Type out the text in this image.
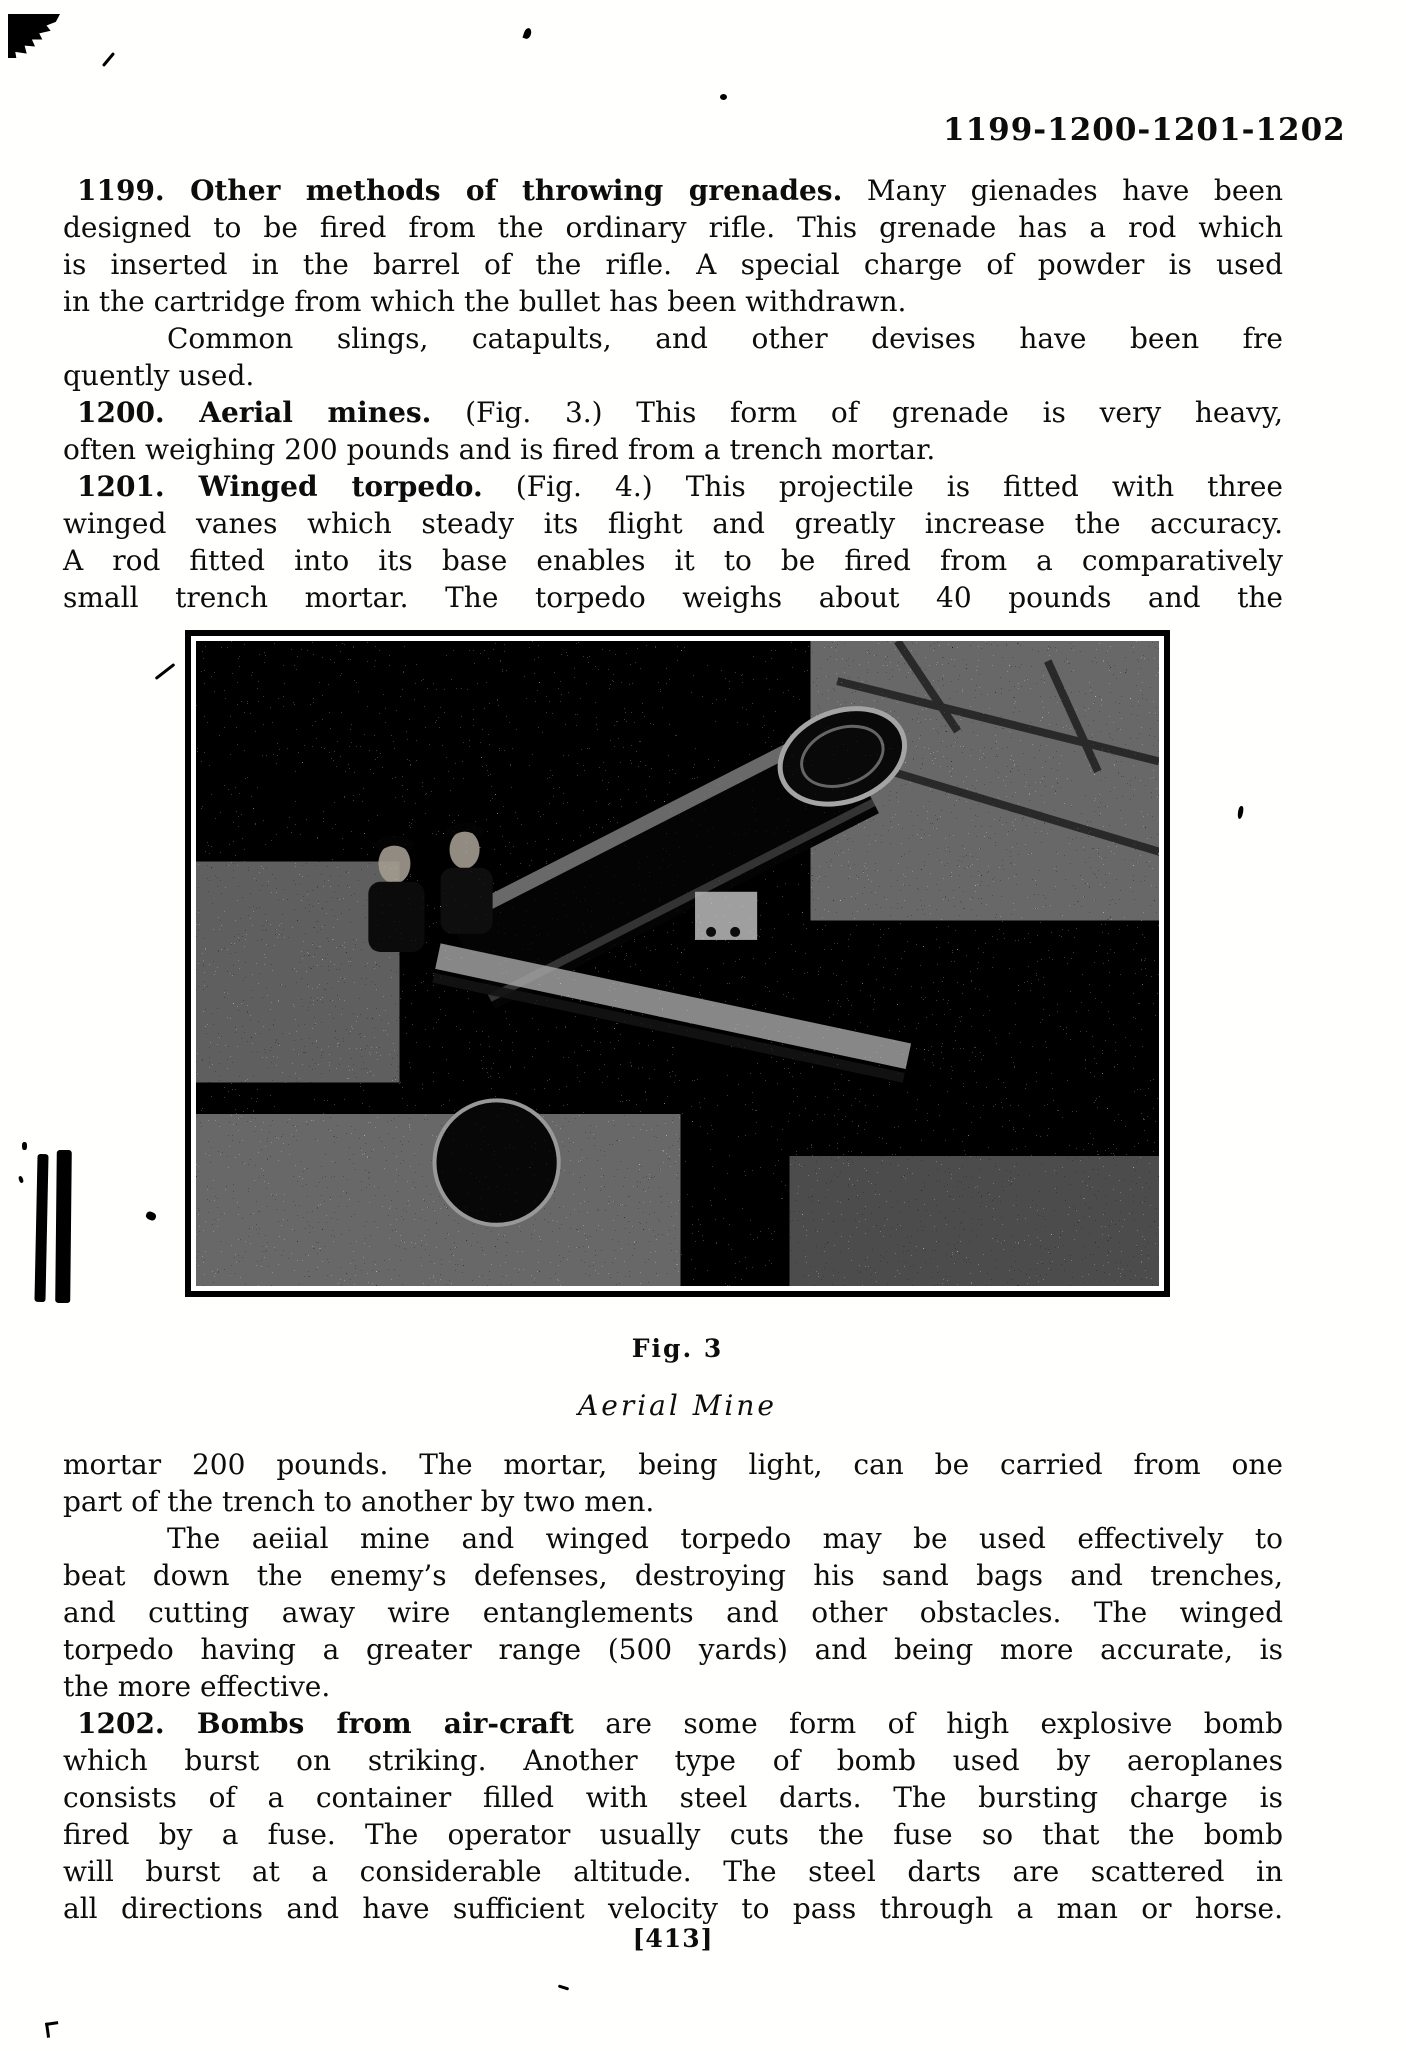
1199-1200-1201-1202
1199. Other methods of throwing grenades. Many gienades have been
designed to be fired from the ordinary rifle. This grenade has a rod which
is inserted in the barrel of the rifle. A special charge of powder is used
in the cartridge from which the bullet has been withdrawn.
Common slings, catapults, and other devises have been fre
quently used.
1200. Aerial mines. (Fig. 3.) This form of grenade is very heavy,
often weighing 200 pounds and is fired from a trench mortar.
1201. Winged torpedo. (Fig. 4.) This projectile is fitted with three
winged vanes which steady its flight and greatly increase the accuracy.
A rod fitted into its base enables it to be fired from a comparatively
small trench mortar. The torpedo weighs about 40 pounds and the
Fig. 3
Aerial Mine
mortar 200 pounds. The mortar, being light, can be carried from one
part of the trench to another by two men.
The aeiial mine and winged torpedo may be used effectively to
beat down the enemy’s defenses, destroying his sand bags and trenches,
and cutting away wire entanglements and other obstacles. The winged
torpedo having a greater range (500 yards) and being more accurate, is
the more effective.
1202. Bombs from air-craft are some form of high explosive bomb
which burst on striking. Another type of bomb used by aeroplanes
consists of a container filled with steel darts. The bursting charge is
fired by a fuse. The operator usually cuts the fuse so that the bomb
will burst at a considerable altitude. The steel darts are scattered in
all directions and have sufficient velocity to pass through a man or horse.
[413]
